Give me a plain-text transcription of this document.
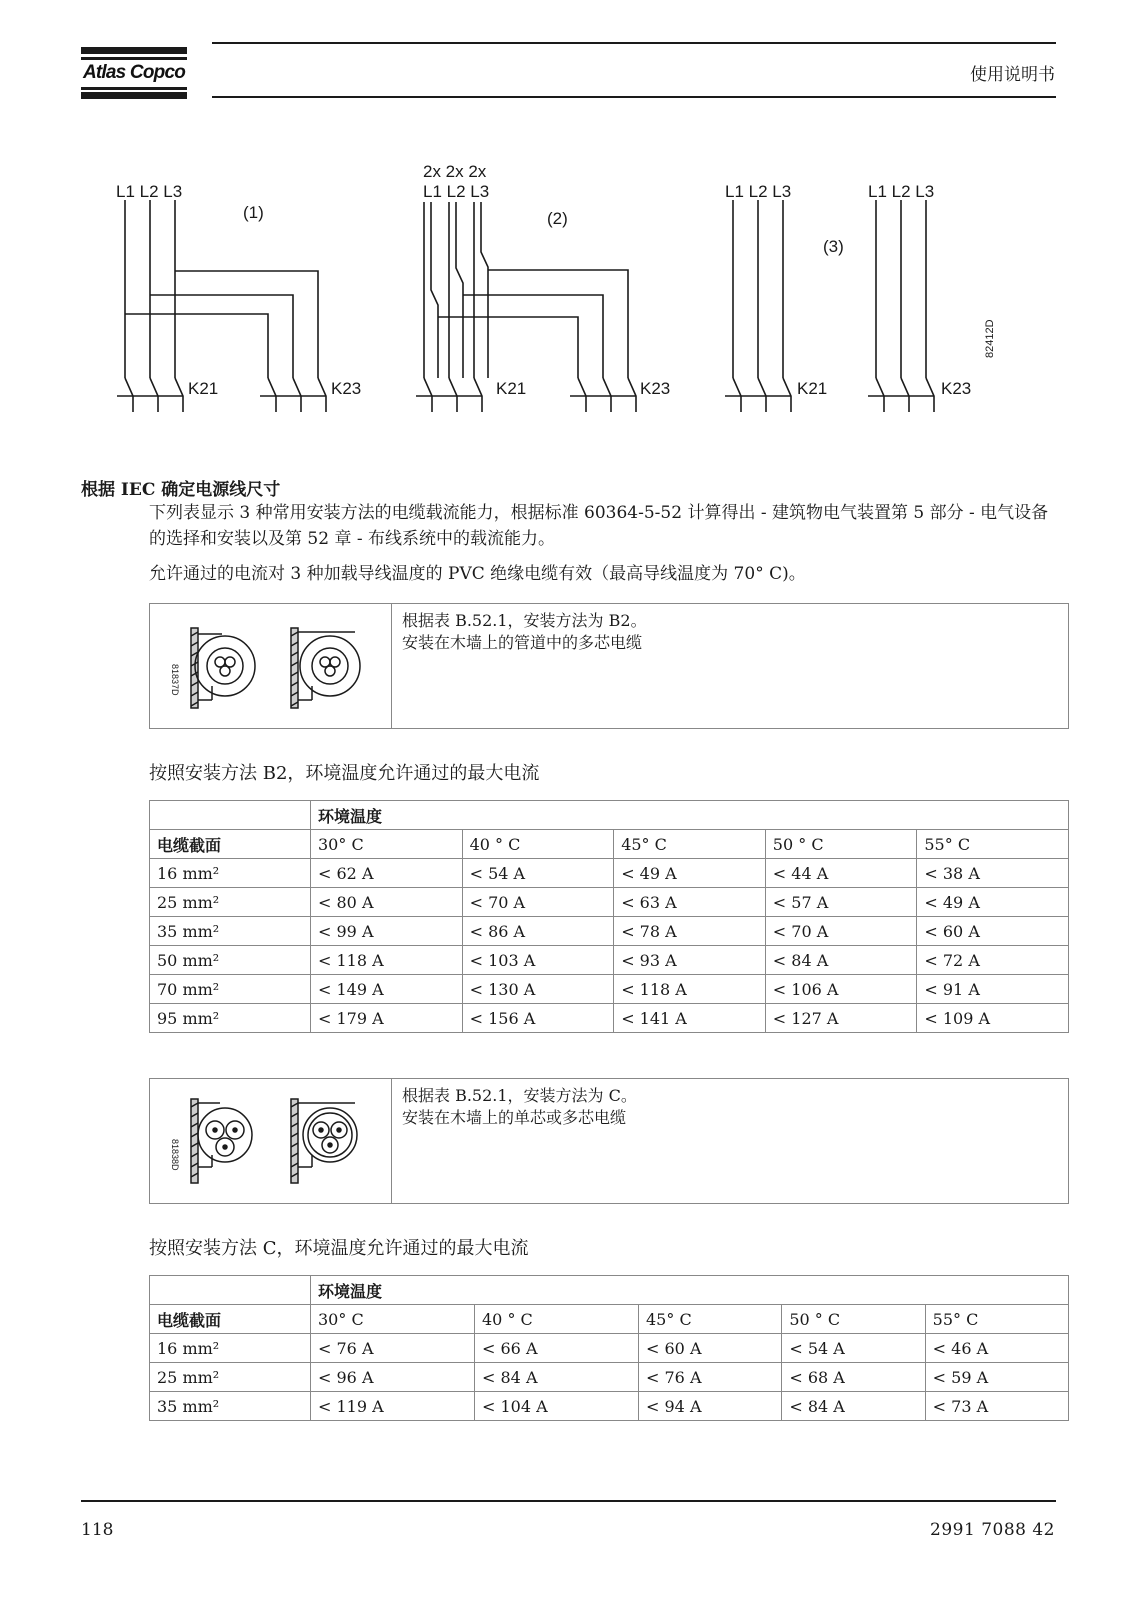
Atlas Copco	使用说明书
L1 L2 L3
(1)
2x 2x 2x
L1 L2 L3
(2)
L1 L2 L3	L1 L2 L3
(3)
K21	K23	K21	K23	K21	K23
82412D
根据 IEC 确定电源线尺寸
下列表显示 3 种常用安装方法的电缆载流能力，根据标准 60364-5-52 计算得出 - 建筑物电气装置第 5 部分 - 电气设备的选择和安装以及第 52 章 - 布线系统中的载流能力。
允许通过的电流对 3 种加载导线温度的 PVC 绝缘电缆有效（最高导线温度为 70° C)。
81837D
根据表 B.52.1，安装方法为 B2。
安装在木墙上的管道中的多芯电缆
按照安装方法 B2，环境温度允许通过的最大电流
	环境温度				
电缆截面	30° C	40 ° C	45° C	50 ° C	55° C
16 mm²	< 62 A	< 54 A	< 49 A	< 44 A	< 38 A
25 mm²	< 80 A	< 70 A	< 63 A	< 57 A	< 49 A
35 mm²	< 99 A	< 86 A	< 78 A	< 70 A	< 60 A
50 mm²	< 118 A	< 103 A	< 93 A	< 84 A	< 72 A
70 mm²	< 149 A	< 130 A	< 118 A	< 106 A	< 91 A
95 mm²	< 179 A	< 156 A	< 141 A	< 127 A	< 109 A
81838D
根据表 B.52.1，安装方法为 C。
安装在木墙上的单芯或多芯电缆
按照安装方法 C，环境温度允许通过的最大电流
	环境温度				
电缆截面	30° C	40 ° C	45° C	50 ° C	55° C
16 mm²	< 76 A	< 66 A	< 60 A	< 54 A	< 46 A
25 mm²	< 96 A	< 84 A	< 76 A	< 68 A	< 59 A
35 mm²	< 119 A	< 104 A	< 94 A	< 84 A	< 73 A
118	2991 7088 42
